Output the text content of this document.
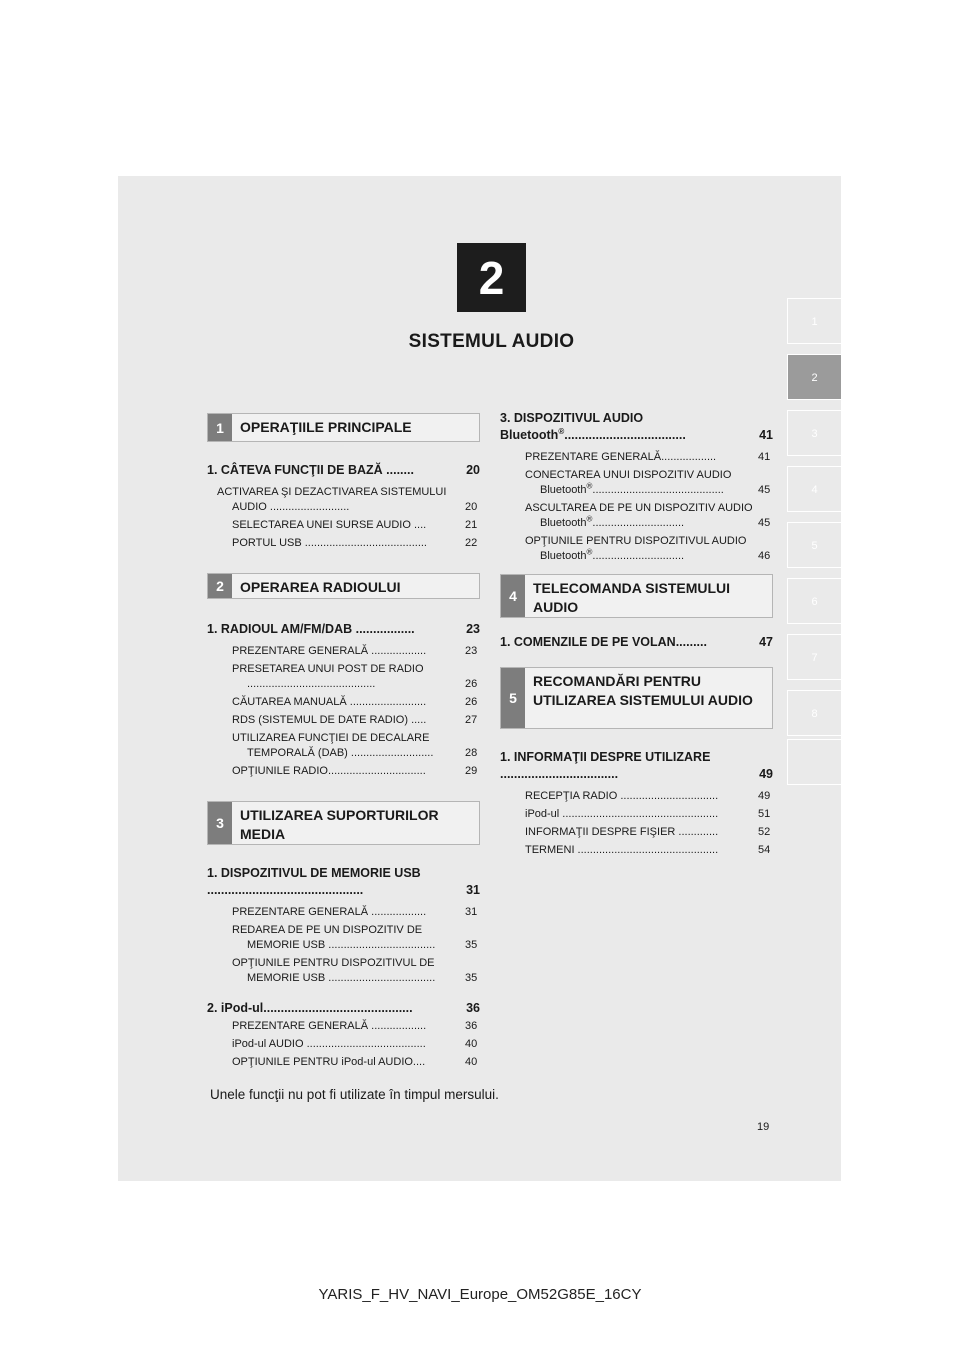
2
SISTEMUL AUDIO
1
2
3
4
5
6
7
8
1	OPERAŢIILE PRINCIPALE
1. CÂTEVA FUNCŢII DE BAZĂ ........	20
ACTIVAREA ŞI DEZACTIVAREA SISTEMULUI AUDIO ..........................	20
SELECTAREA UNEI SURSE AUDIO ....	21
PORTUL USB ........................................	22
2	OPERAREA RADIOULUI
1. RADIOUL AM/FM/DAB .................	23
PREZENTARE GENERALĂ ..................	23
PRESETAREA UNUI POST DE RADIO ..........................................	26
CĂUTAREA MANUALĂ .........................	26
RDS (SISTEMUL DE DATE RADIO) .....	27
UTILIZAREA FUNCŢIEI DE DECALARE TEMPORALĂ (DAB) ...........................	28
OPŢIUNILE RADIO................................	29
3	UTILIZAREA SUPORTURILOR MEDIA
1. DISPOZITIVUL DE MEMORIE USB .............................................	31
PREZENTARE GENERALĂ ..................	31
REDAREA DE PE UN DISPOZITIV DE MEMORIE USB ...................................	35
OPŢIUNILE PENTRU DISPOZITIVUL DE MEMORIE USB ...................................	35
2. iPod-ul...........................................	36
PREZENTARE GENERALĂ ..................	36
iPod-ul AUDIO .......................................	40
OPŢIUNILE PENTRU iPod-ul AUDIO....	40
3. DISPOZITIVUL AUDIO Bluetooth®...................................	41
PREZENTARE GENERALĂ..................	41
CONECTAREA UNUI DISPOZITIV AUDIO Bluetooth®...........................................	45
ASCULTAREA DE PE UN DISPOZITIV AUDIO Bluetooth®..............................	45
OPŢIUNILE PENTRU DISPOZITIVUL AUDIO Bluetooth®..............................	46
4	TELECOMANDA SISTEMULUI AUDIO
1. COMENZILE DE PE VOLAN.........	47
5
RECOMANDĂRI PENTRU UTILIZAREA SISTEMULUI AUDIO
1. INFORMAŢII DESPRE UTILIZARE ..................................	49
RECEPŢIA RADIO ................................	49
iPod-ul ...................................................	51
INFORMAŢII DESPRE FIŞIER .............	52
TERMENI ..............................................	54
Unele funcţii nu pot fi utilizate în timpul mersului.
19
YARIS_F_HV_NAVI_Europe_OM52G85E_16CY
